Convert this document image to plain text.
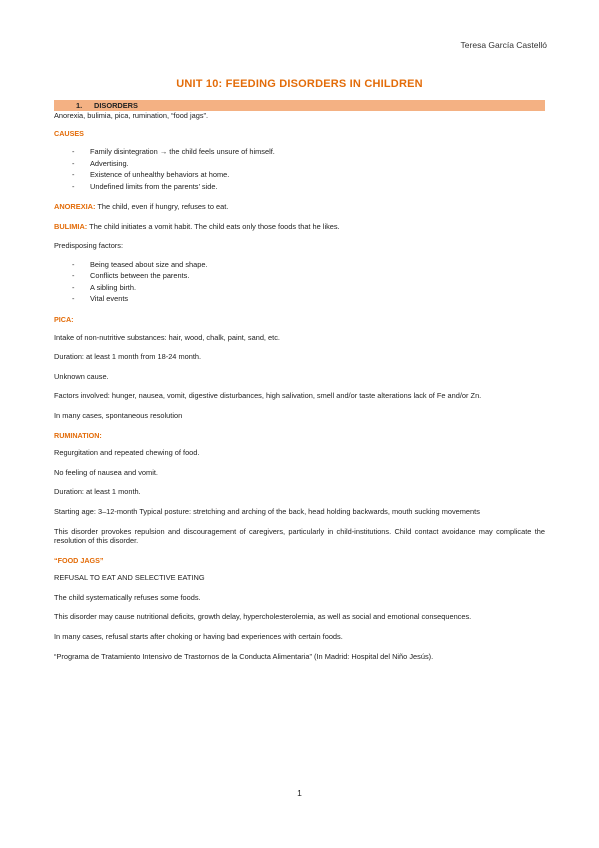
Teresa García Castelló
UNIT 10: FEEDING DISORDERS IN CHILDREN
1. DISORDERS

Anorexia, bulimia, pica, rumination, “food jags”.

CAUSES

- Family disintegration → the child feels unsure of himself.
- Advertising.
- Existence of unhealthy behaviors at home.
- Undefined limits from the parents’ side.

ANOREXIA: The child, even if hungry, refuses to eat.

BULIMIA: The child initiates a vomit habit. The child eats only those foods that he likes.

Predisposing factors:

- Being teased about size and shape.
- Conflicts between the parents.
- A sibling birth.
- Vital events

PICA:

Intake of non-nutritive substances: hair, wood, chalk, paint, sand, etc.

Duration: at least 1 month from 18-24 month.

Unknown cause.

Factors involved: hunger, nausea, vomit, digestive disturbances, high salivation, smell and/or taste alterations lack of Fe and/or Zn.

In many cases, spontaneous resolution

RUMINATION:

Regurgitation and repeated chewing of food.

No feeling of nausea and vomit.

Duration: at least 1 month.

Starting age: 3–12-month Typical posture: stretching and arching of the back, head holding backwards, mouth sucking movements

This disorder provokes repulsion and discouragement of caregivers, particularly in child-institutions. Child contact avoidance may complicate the resolution of this disorder.

“FOOD JAGS”

REFUSAL TO EAT AND SELECTIVE EATING

The child systematically refuses some foods.

This disorder may cause nutritional deficits, growth delay, hypercholesterolemia, as well as social and emotional consequences.

In many cases, refusal starts after choking or having bad experiences with certain foods.

“Programa de Tratamiento Intensivo de Trastornos de la Conducta Alimentaria” (In Madrid: Hospital del Niño Jesús).

1
